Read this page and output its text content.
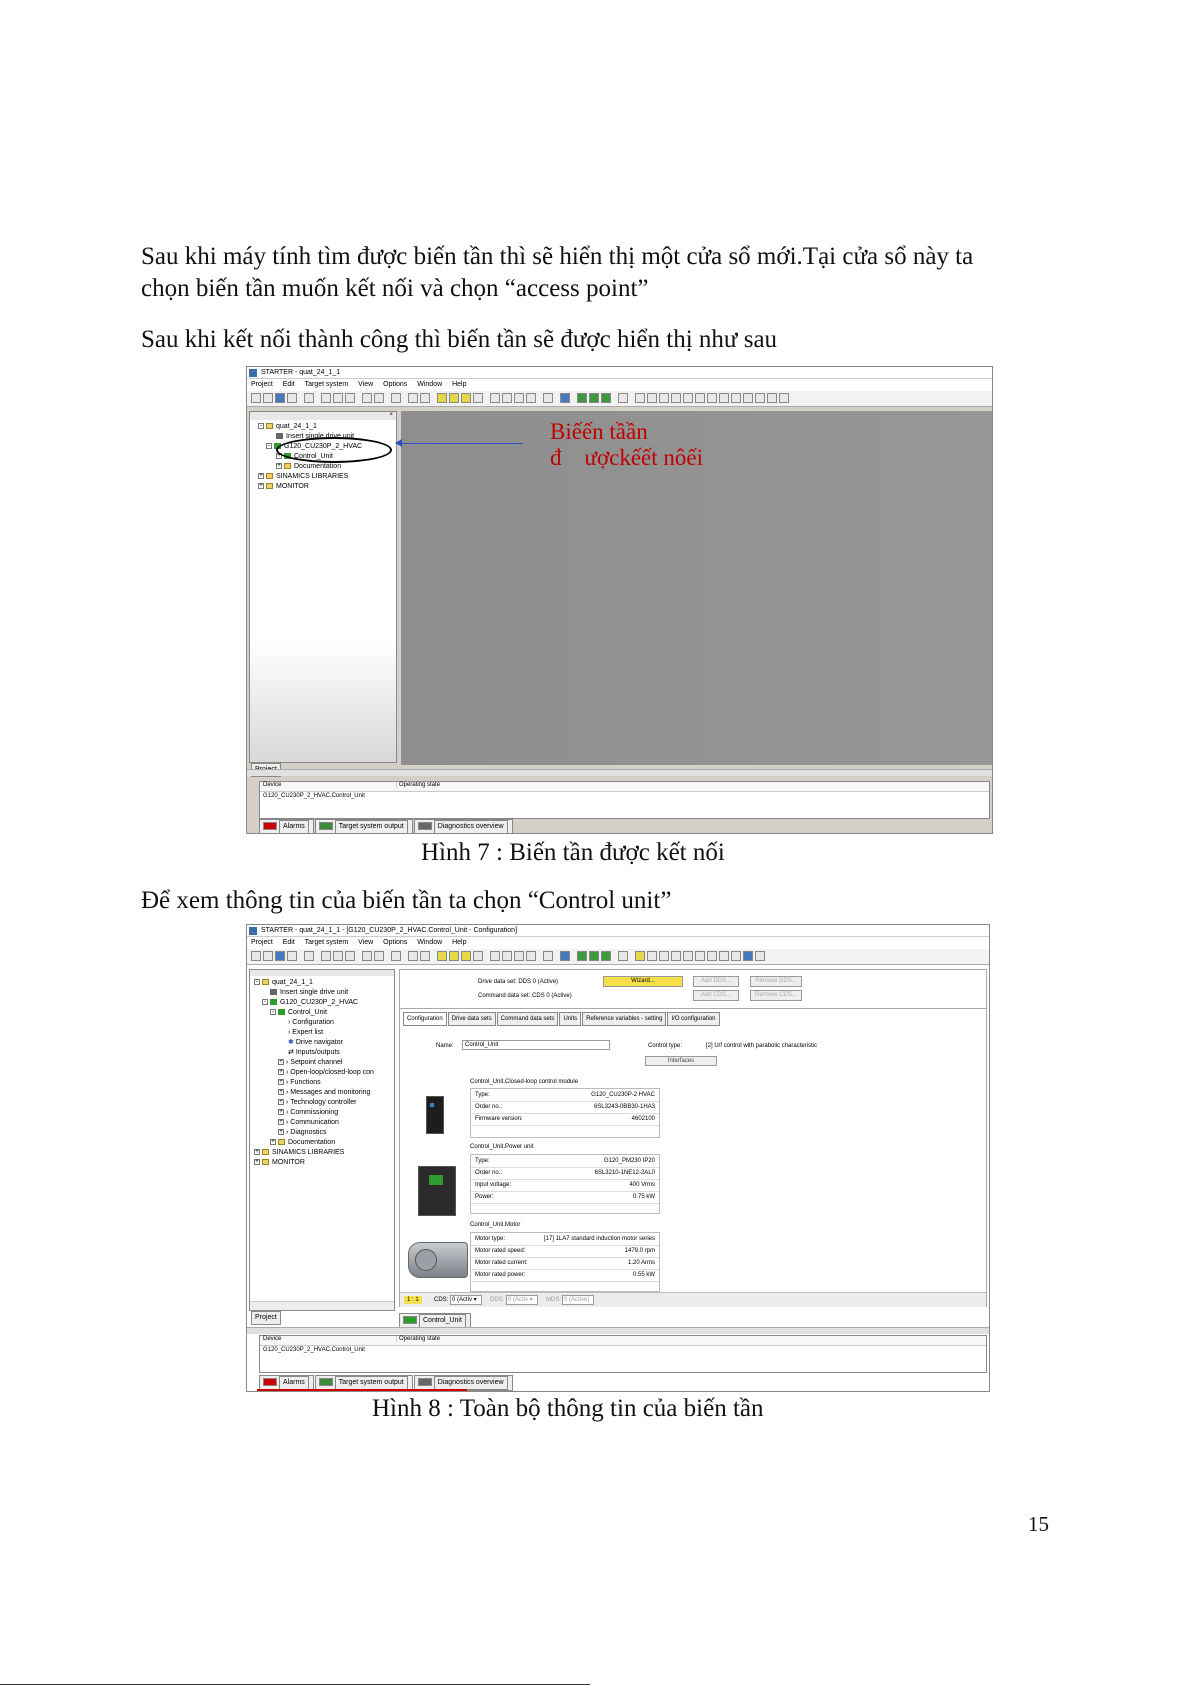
Sau khi máy tính tìm được biến tần thì sẽ hiển thị một cửa sổ mới.Tại cửa sổ này ta

chọn biến tần muốn kết nối và chọn “access point”

Sau khi kết nối thành công thì biến tần sẽ được hiển thị như sau

STARTER - quat_24_1_1
Project Edit Target system View Options Window Help
×
- quat_24_1_1
Insert single drive unit
- G120_CU230P_2_HVAC
+ Control_Unit
+ Documentation
+ SINAMICS LIBRARIES
+ MONITOR
Biếến tầần
đ    ượckếết nôếi
Device	Operating state
G120_CU230P_2_HVAC.Control_Unit
Alarms	Target system output	Diagnostics overview

Hình 7 : Biến tần được kết nối

Để xem thông tin của biến tần ta chọn “Control unit”

STARTER - quat_24_1_1 - [G120_CU230P_2_HVAC.Control_Unit - Configuration]
Project Edit Target system View Options Window Help
- quat_24_1_1
Insert single drive unit
- G120_CU230P_2_HVAC
- Control_Unit
› Configuration
› Expert list
✱ Drive navigator
⇄ Inputs/outputs
+ › Setpoint channel
+ › Open-loop/closed-loop con
+ › Functions
+ › Messages and monitoring
+ › Technology controller
+ › Commissioning
+ › Communication
+ › Diagnostics
+ Documentation
+ SINAMICS LIBRARIES
+ MONITOR
Project
Drive data set: DDS 0 (Active)
Command data set: CDS 0 (Active)
Wizard...	Add DDS...	Remove DDS...
Add CDS...	Remove CDS...
Configuration Drive data sets Command data sets Units Reference variables - setting I/O configuration
Name:	Control_Unit	Control type:	[2] U/f control with parabolic characteristic
Interfaces
Control_Unit.Closed-loop control module
Type:	G120_CU230P-2 HVAC
Order no.:	6SL3243-0BB30-1HA3
Firmware version:	4602100
Control_Unit.Power unit
Type:	G120_PM230 IP20
Order no.:	6SL3210-1NE12-2AL0
Input voltage:	400 Vrms
Power:	0.75 kW
Control_Unit.Motor
Motor type:	[17] 1LA7 standard induction motor series
Motor rated speed:	1479.0 rpm
Motor rated current:	1.20 Arms
Motor rated power:	0.55 kW
1 : 1	CDS: 0 (Activ ▾	DDS: 0 (Activ ▾	MDS: 0 (Active)
Control_Unit
Device	Operating state
G120_CU230P_2_HVAC.Control_Unit
Alarms	Target system output	Diagnostics overview

Hình 8 : Toàn bộ thông tin của biến tần

15
